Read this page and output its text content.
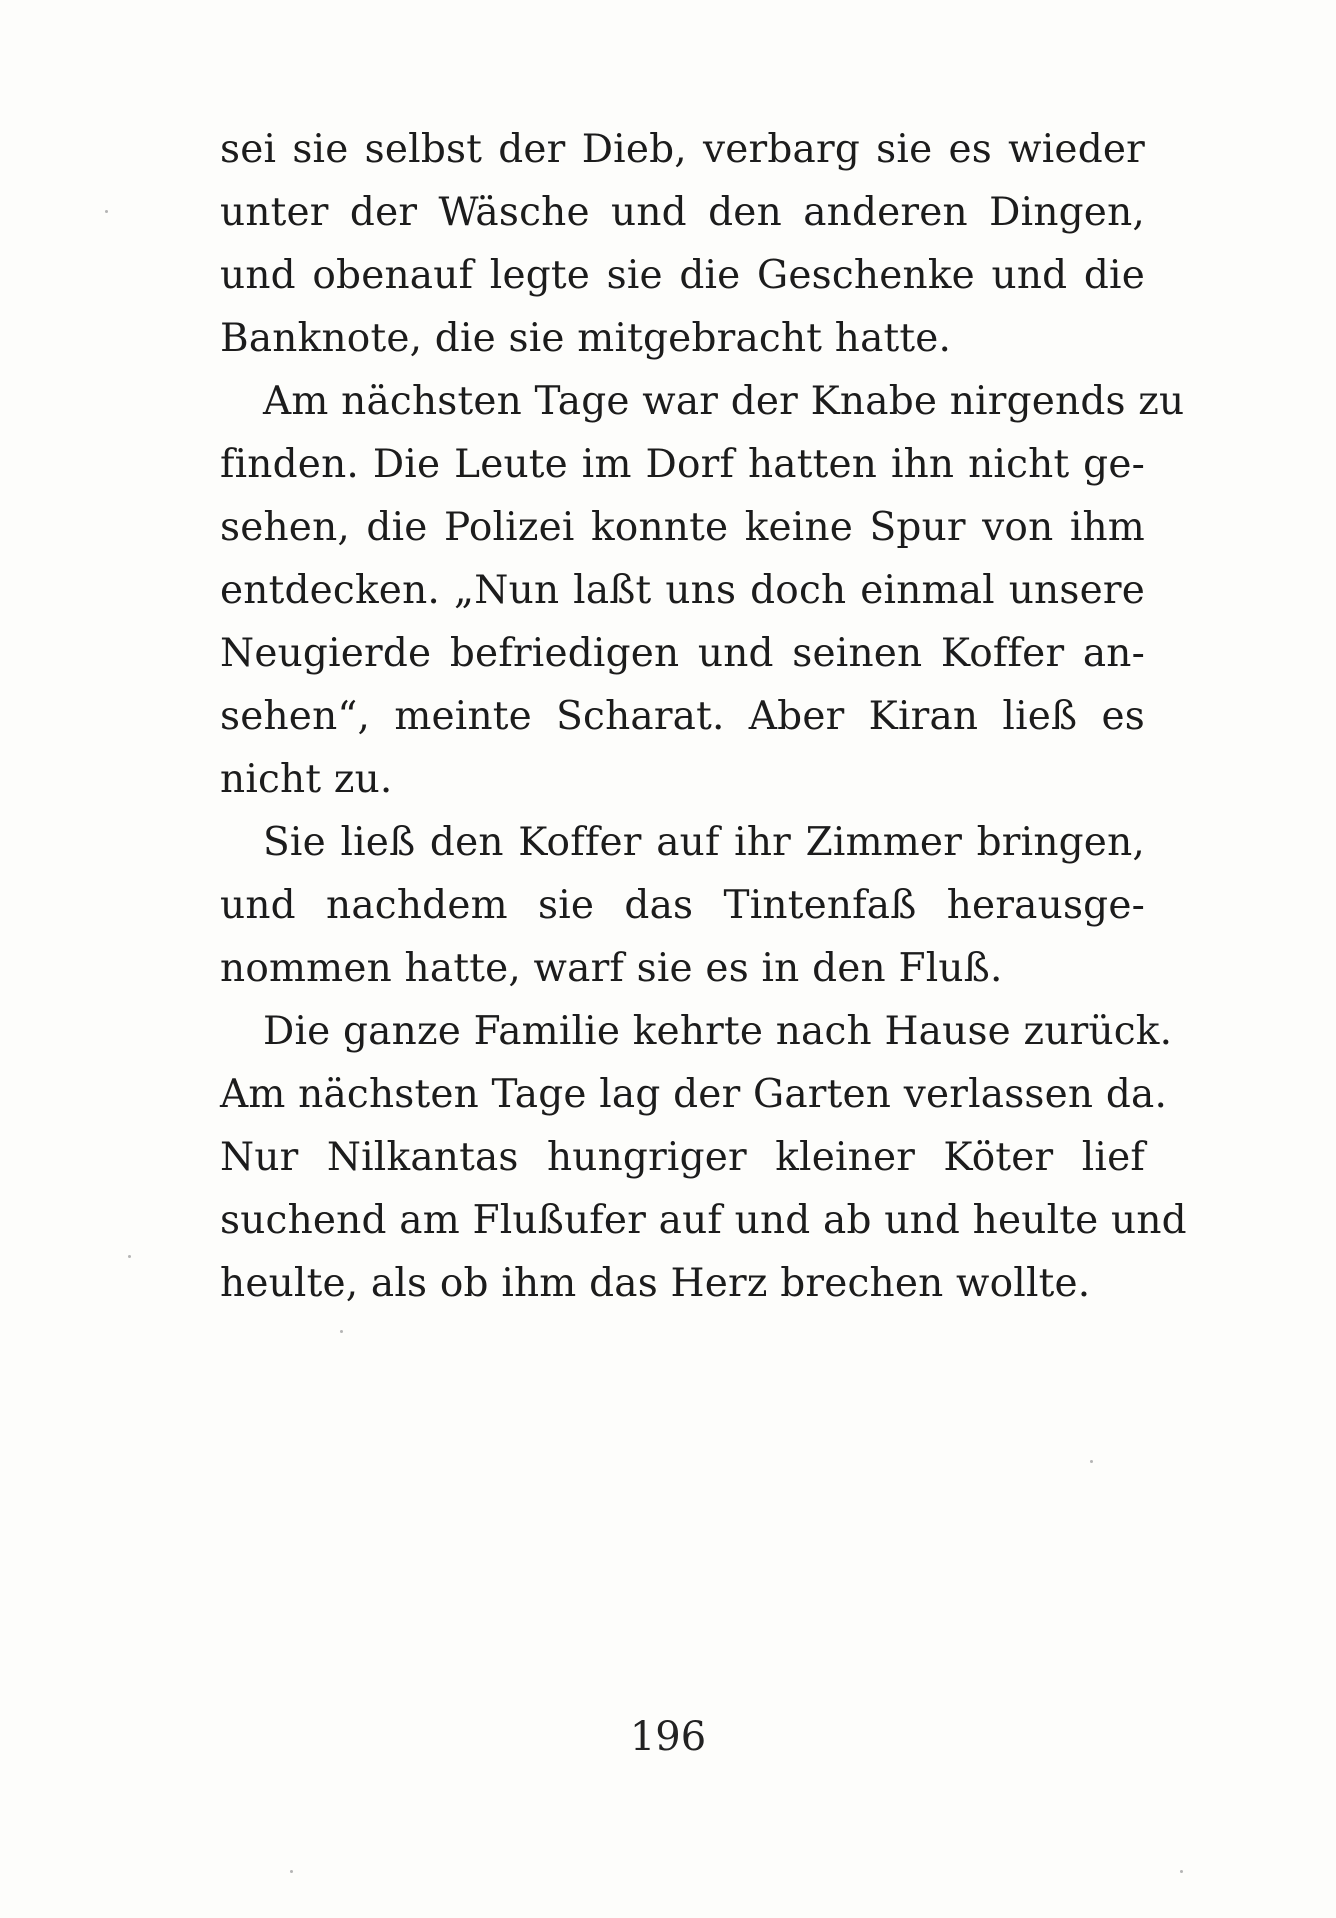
sei sie selbst der Dieb, verbarg sie es wieder
unter der Wäsche und den anderen Dingen,
und obenauf legte sie die Geschenke und die
Banknote, die sie mitgebracht hatte.

Am nächsten Tage war der Knabe nirgends zu
finden. Die Leute im Dorf hatten ihn nicht ge-
sehen, die Polizei konnte keine Spur von ihm
entdecken. „Nun laßt uns doch einmal unsere
Neugierde befriedigen und seinen Koffer an-
sehen“, meinte Scharat. Aber Kiran ließ es
nicht zu.

Sie ließ den Koffer auf ihr Zimmer bringen,
und nachdem sie das Tintenfaß herausge-
nommen hatte, warf sie es in den Fluß.

Die ganze Familie kehrte nach Hause zurück.
Am nächsten Tage lag der Garten verlassen da.
Nur Nilkantas hungriger kleiner Köter lief
suchend am Flußufer auf und ab und heulte und
heulte, als ob ihm das Herz brechen wollte.

196
